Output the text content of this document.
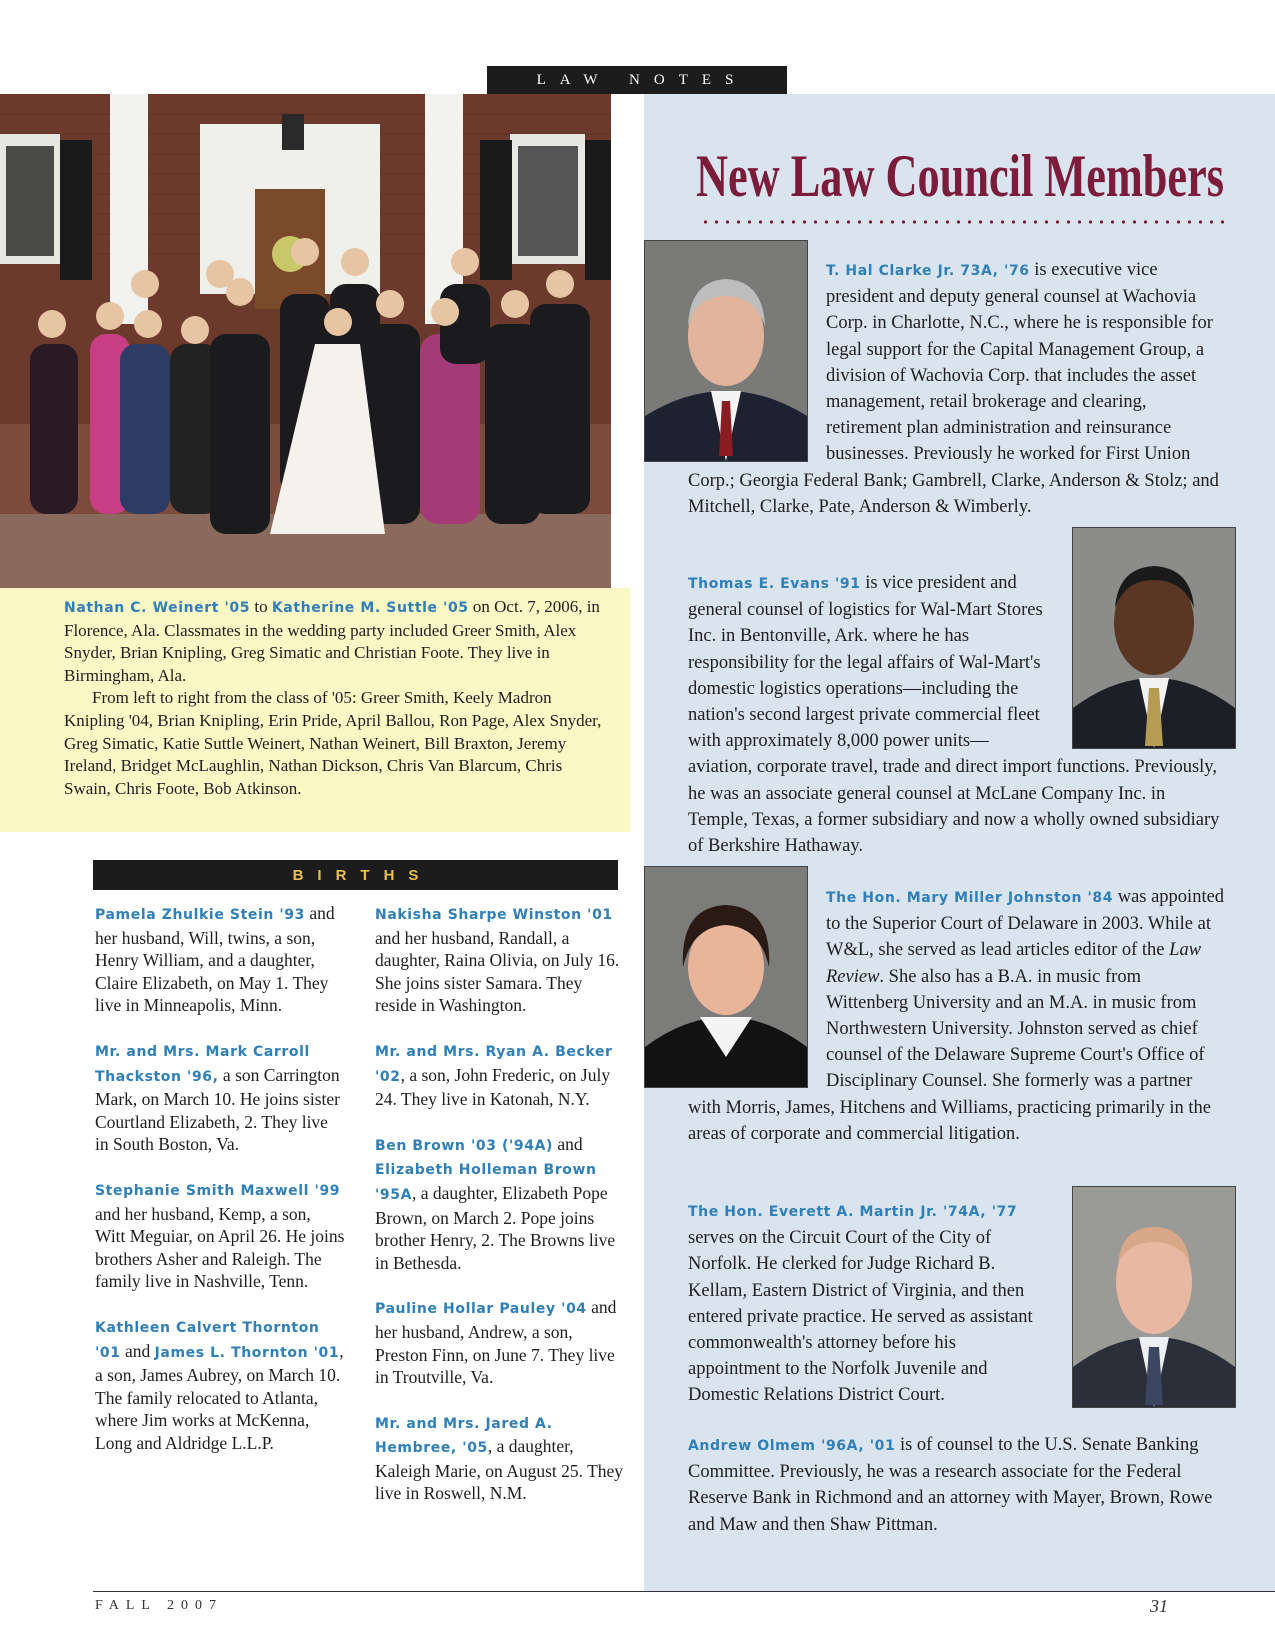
LAW NOTES
Nathan C. Weinert '05 to Katherine M. Suttle '05 on Oct. 7, 2006, in Florence, Ala. Classmates in the wedding party included Greer Smith, Alex Snyder, Brian Knipling, Greg Simatic and Christian Foote. They live in Birmingham, Ala.
From left to right from the class of '05: Greer Smith, Keely Madron Knipling '04, Brian Knipling, Erin Pride, April Ballou, Ron Page, Alex Snyder, Greg Simatic, Katie Suttle Weinert, Nathan Weinert, Bill Braxton, Jeremy Ireland, Bridget McLaughlin, Nathan Dickson, Chris Van Blarcum, Chris Swain, Chris Foote, Bob Atkinson.
BIRTHS

Pamela Zhulkie Stein '93 and her husband, Will, twins, a son, Henry William, and a daughter, Claire Elizabeth, on May 1. They live in Minneapolis, Minn.

Mr. and Mrs. Mark Carroll Thackston '96, a son Carrington Mark, on March 10. He joins sister Courtland Elizabeth, 2. They live in South Boston, Va.

Stephanie Smith Maxwell '99 and her husband, Kemp, a son, Witt Meguiar, on April 26. He joins brothers Asher and Raleigh. The family live in Nashville, Tenn.

Kathleen Calvert Thornton '01 and James L. Thornton '01, a son, James Aubrey, on March 10. The family relocated to Atlanta, where Jim works at McKenna, Long and Aldridge L.L.P.

Nakisha Sharpe Winston '01 and her husband, Randall, a daughter, Raina Olivia, on July 16. She joins sister Samara. They reside in Washington.

Mr. and Mrs. Ryan A. Becker '02, a son, John Frederic, on July 24. They live in Katonah, N.Y.

Ben Brown '03 ('94A) and Elizabeth Holleman Brown '95A, a daughter, Elizabeth Pope Brown, on March 2. Pope joins brother Henry, 2. The Browns live in Bethesda.

Pauline Hollar Pauley '04 and her husband, Andrew, a son, Preston Finn, on June 7. They live in Troutville, Va.

Mr. and Mrs. Jared A. Hembree, '05, a daughter, Kaleigh Marie, on August 25. They live in Roswell, N.M.

New Law Council Members
T. Hal Clarke Jr. 73A, '76 is executive vice president and deputy general counsel at Wachovia Corp. in Charlotte, N.C., where he is responsible for legal support for the Capital Management Group, a division of Wachovia Corp. that includes the asset management, retail brokerage and clearing, retirement plan administration and reinsurance businesses. Previously he worked for First Union Corp.; Georgia Federal Bank; Gambrell, Clarke, Anderson & Stolz; and Mitchell, Clarke, Pate, Anderson & Wimberly.
Thomas E. Evans '91 is vice president and general counsel of logistics for Wal-Mart Stores Inc. in Bentonville, Ark. where he has responsibility for the legal affairs of Wal-Mart's domestic logistics operations—including the nation's second largest private commercial fleet with approximately 8,000 power units—aviation, corporate travel, trade and direct import functions. Previously, he was an associate general counsel at McLane Company Inc. in Temple, Texas, a former subsidiary and now a wholly owned subsidiary of Berkshire Hathaway.
The Hon. Mary Miller Johnston '84 was appointed to the Superior Court of Delaware in 2003. While at W&L, she served as lead articles editor of the Law Review. She also has a B.A. in music from Wittenberg University and an M.A. in music from Northwestern University. Johnston served as chief counsel of the Delaware Supreme Court's Office of Disciplinary Counsel. She formerly was a partner with Morris, James, Hitchens and Williams, practicing primarily in the areas of corporate and commercial litigation.
The Hon. Everett A. Martin Jr. '74A, '77 serves on the Circuit Court of the City of Norfolk. He clerked for Judge Richard B. Kellam, Eastern District of Virginia, and then entered private practice. He served as assistant commonwealth's attorney before his appointment to the Norfolk Juvenile and Domestic Relations District Court.
Andrew Olmem '96A, '01 is of counsel to the U.S. Senate Banking Committee. Previously, he was a research associate for the Federal Reserve Bank in Richmond and an attorney with Mayer, Brown, Rowe and Maw and then Shaw Pittman.
FALL 2007	31
